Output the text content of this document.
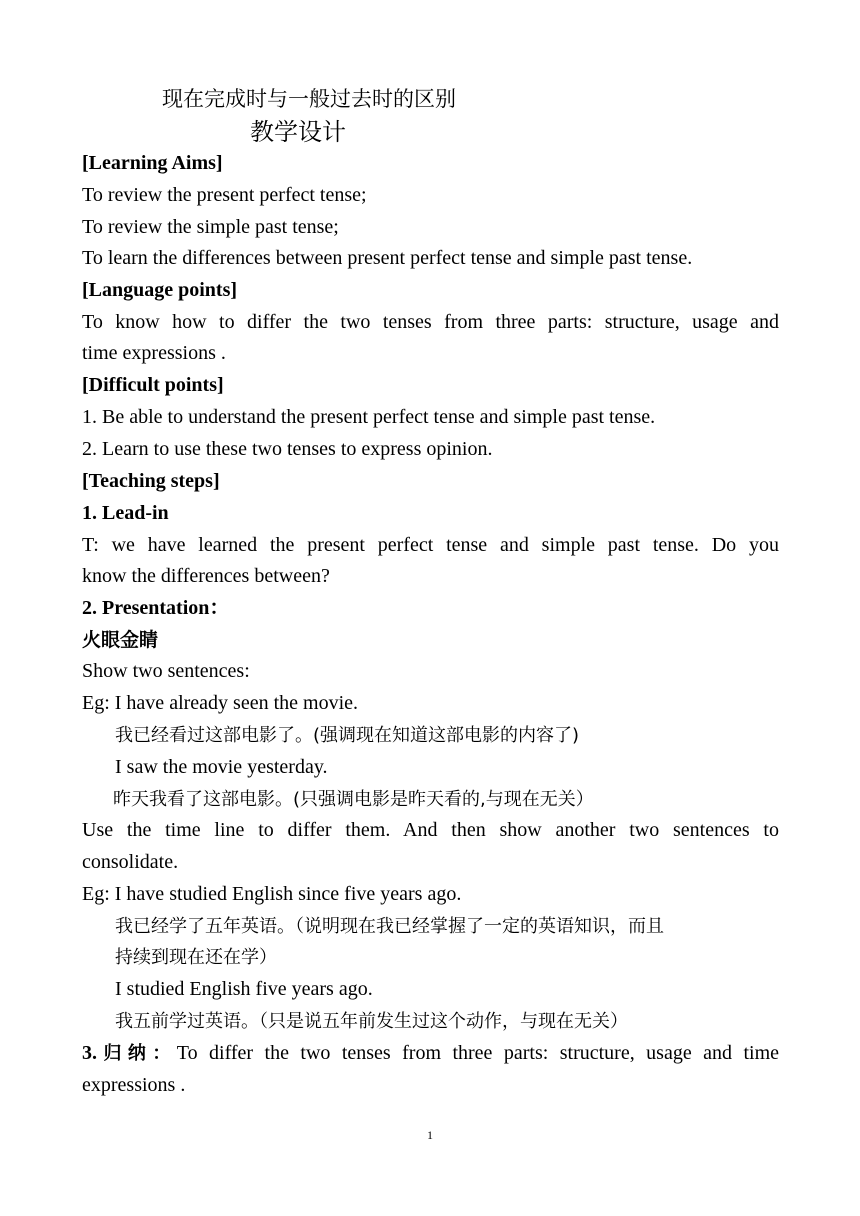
现在完成时与一般过去时的区别
教学设计
[Learning Aims]
To review the present perfect tense;
To review the simple past tense;
To learn the differences between present perfect tense and simple past tense.
[Language points]
To know how to differ the two tenses from three parts: structure, usage and
time expressions .
[Difficult points]
1. Be able to understand the present perfect tense and simple past tense.
2. Learn to use these two tenses to express opinion.
[Teaching steps]
1. Lead-in
T: we have learned the present perfect tense and simple past tense. Do you
know the differences between?
2. Presentation：
火眼金睛
Show two sentences:
Eg: I have already seen the movie.
我已经看过这部电影了。(强调现在知道这部电影的内容了)
I saw the movie yesterday.
昨天我看了这部电影。(只强调电影是昨天看的,与现在无关）
Use the time line to differ them. And then show another two sentences to
consolidate.
Eg: I have studied English since five years ago.
我已经学了五年英语。（说明现在我已经掌握了一定的英语知识，而且
持续到现在还在学）
I studied English five years ago.
我五前学过英语。（只是说五年前发生过这个动作，与现在无关）
3.归纳：To differ the two tenses from three parts: structure, usage and time
expressions .
1
